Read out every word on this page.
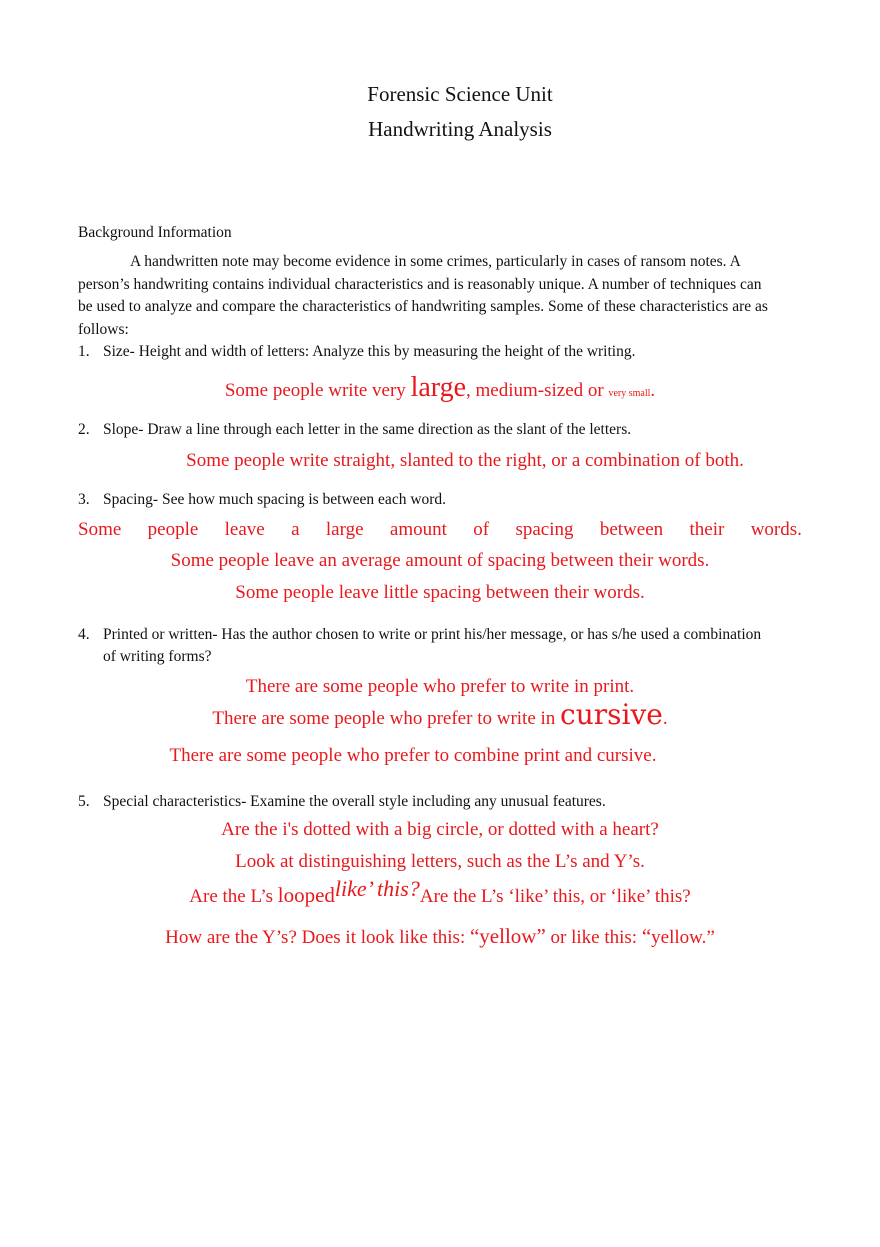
Forensic Science Unit
Handwriting Analysis
Background Information
A handwritten note may become evidence in some crimes, particularly in cases of ransom notes. A person’s handwriting contains individual characteristics and is reasonably unique. A number of techniques can be used to analyze and compare the characteristics of handwriting samples. Some of these characteristics are as follows:
1. Size- Height and width of letters: Analyze this by measuring the height of the writing.
Some people write very large, medium-sized or very small.
2. Slope- Draw a line through each letter in the same direction as the slant of the letters.
Some people write straight, slanted to the right, or a combination of both.
3. Spacing- See how much spacing is between each word.
Some people leave a large amount of spacing between their words.
Some people leave an average amount of spacing between their words.
Some people leave little spacing between their words.
4. Printed or written- Has the author chosen to write or print his/her message, or has s/he used a combination of writing forms?
There are some people who prefer to write in print.
There are some people who prefer to write in cursive.
There are some people who prefer to combine print and cursive.
5. Special characteristics- Examine the overall style including any unusual features.
Are the i's dotted with a big circle, or dotted with a heart?
Look at distinguishing letters, such as the L’s and Y’s.
Are the L’s loopedlike’ this?Are the L’s ‘like’ this, or ‘like’ this?
How are the Y’s? Does it look like this: “yellow” or like this: “yellow.”
